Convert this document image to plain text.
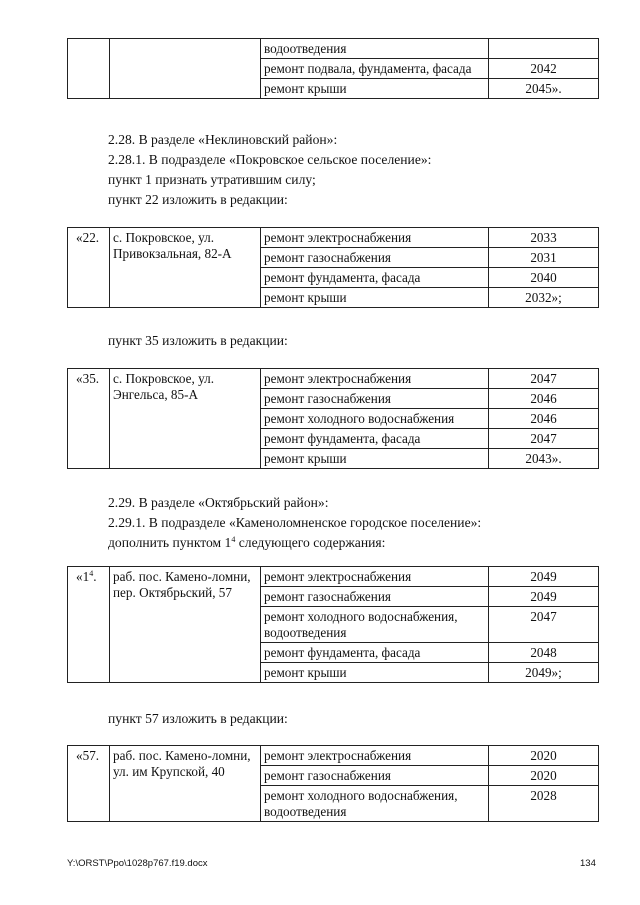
		водоотведения	
		ремонт подвала, фундамента, фасада	2042
		ремонт крыши	2045».

2.28. В разделе «Неклиновский район»:

2.28.1. В подразделе «Покровское сельское поселение»:

пункт 1 признать утратившим силу;

пункт 22 изложить в редакции:

«22.	с. Покровское, ул. Привокзальная, 82-А	ремонт электроснабжения	2033
		ремонт газоснабжения	2031
		ремонт фундамента, фасада	2040
		ремонт крыши	2032»;

пункт 35 изложить в редакции:

«35.	с. Покровское, ул. Энгельса, 85-А	ремонт электроснабжения	2047
		ремонт газоснабжения	2046
		ремонт холодного водоснабжения	2046
		ремонт фундамента, фасада	2047
		ремонт крыши	2043».

2.29. В разделе «Октябрьский район»:

2.29.1. В подразделе «Каменоломненское городское поселение»:

дополнить пунктом $1^4$ следующего содержания:

«$1^4$.	раб. пос. Камено-ломни, пер. Октябрьский, 57	ремонт электроснабжения	2049
		ремонт газоснабжения	2049
		ремонт холодного водоснабжения, водоотведения	2047
		ремонт фундамента, фасада	2048
		ремонт крыши	2049»;

пункт 57 изложить в редакции:

«57.	раб. пос. Камено-ломни, ул. им Крупской, 40	ремонт электроснабжения	2020
		ремонт газоснабжения	2020
		ремонт холодного водоснабжения, водоотведения	2028
Y:\ORST\Ppo\1028p767.f19.docx	134
